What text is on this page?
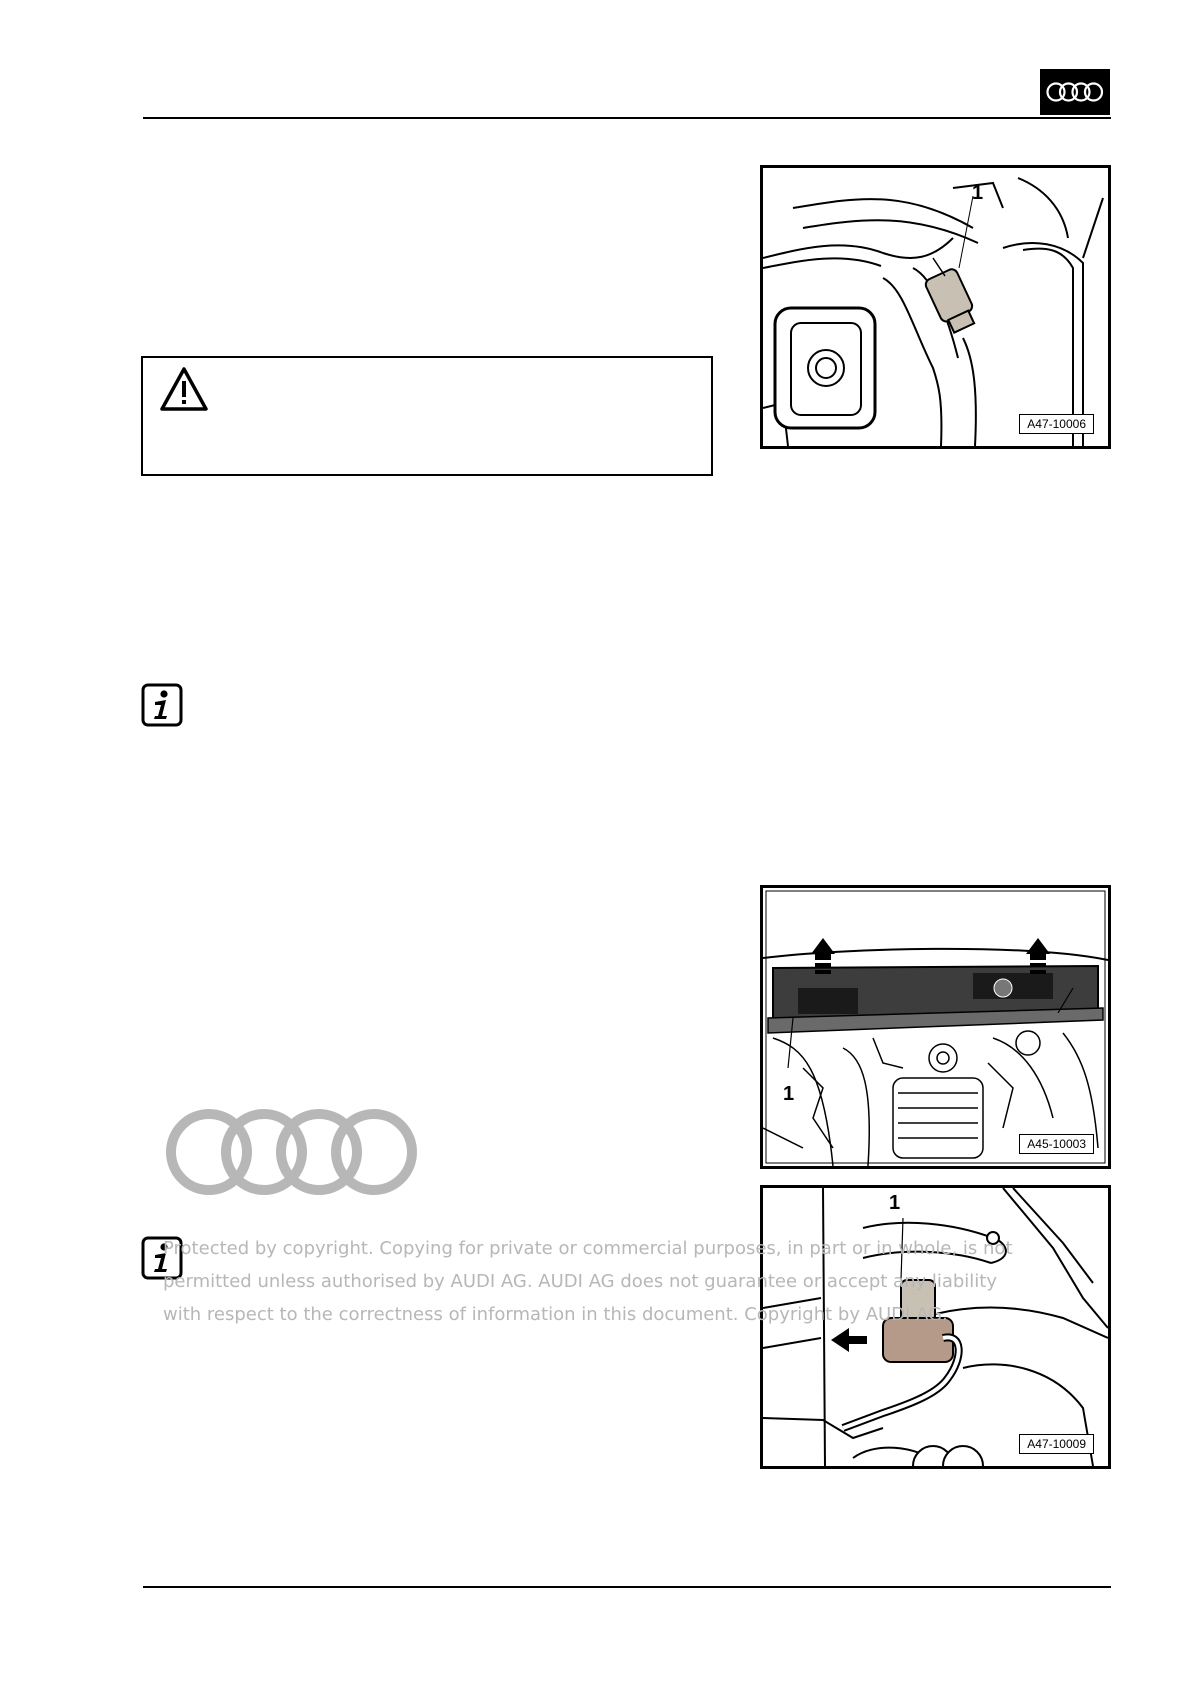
1
A47-10006
1
A45-10003
1
A47-10009
Protected by copyright. Copying for private or commercial purposes, in part or in whole, is not
permitted unless authorised by AUDI AG. AUDI AG does not guarantee or accept any liability
with respect to the correctness of information in this document. Copyright by AUDI AG.
